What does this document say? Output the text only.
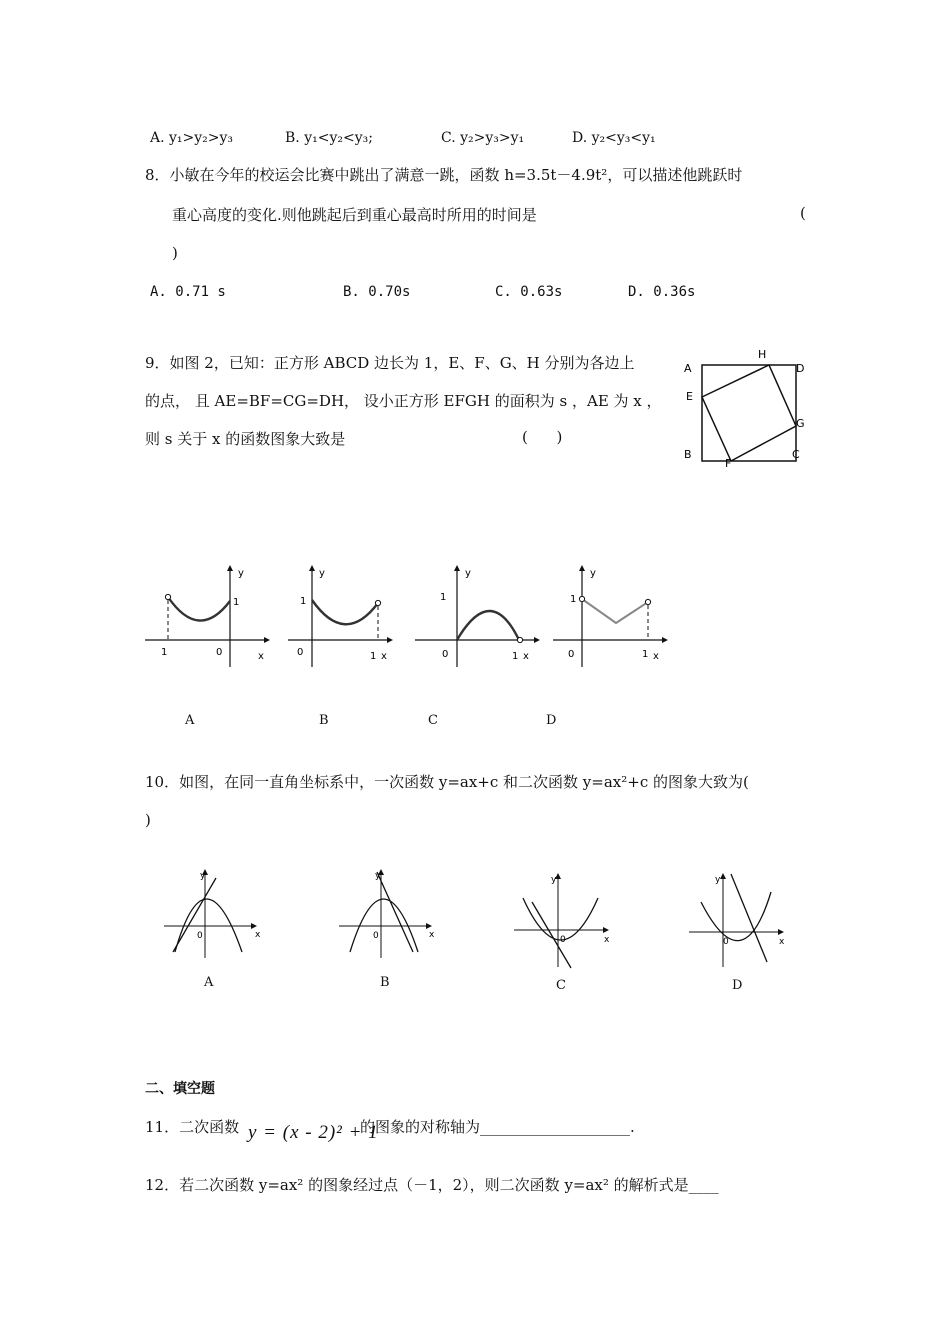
A. y₁>y₂>y₃	B. y₁<y₂<y₃;	C. y₂>y₃>y₁	D. y₂<y₃<y₁
8．小敏在今年的校运会比赛中跳出了满意一跳，函数 h=3.5t－4.9t²，可以描述他跳跃时
重心高度的变化.则他跳起后到重心最高时所用的时间是	(
)
A. 0.71 s	B. 0.70s	C. 0.63s	D. 0.36s
9．如图 2，已知：正方形 ABCD 边长为 1，E、F、G、H 分别为各边上
的点， 且 AE=BF=CG=DH， 设小正方形 EFGH 的面积为 s ，AE 为 x ，
则 s 关于 x 的函数图象大致是	(      )
A
B	C
D
E
F
G
H
y
1
0
1	x
y
1
0	1 x
y
1
0	1 x
y
1
0	1 x
A	B	C	D
10．如图，在同一直角坐标系中，一次函数 y=ax+c 和二次函数 y=ax²+c 的图象大致为(
)
y
x
0
y
x
0
y
x
0
y
x
0
A	B	C	D
二、填空题
11．二次函数 y = (x - 2)² + 1
的图象的对称轴为____________________.
12．若二次函数 y=ax² 的图象经过点（－1，2），则二次函数 y=ax² 的解析式是____
